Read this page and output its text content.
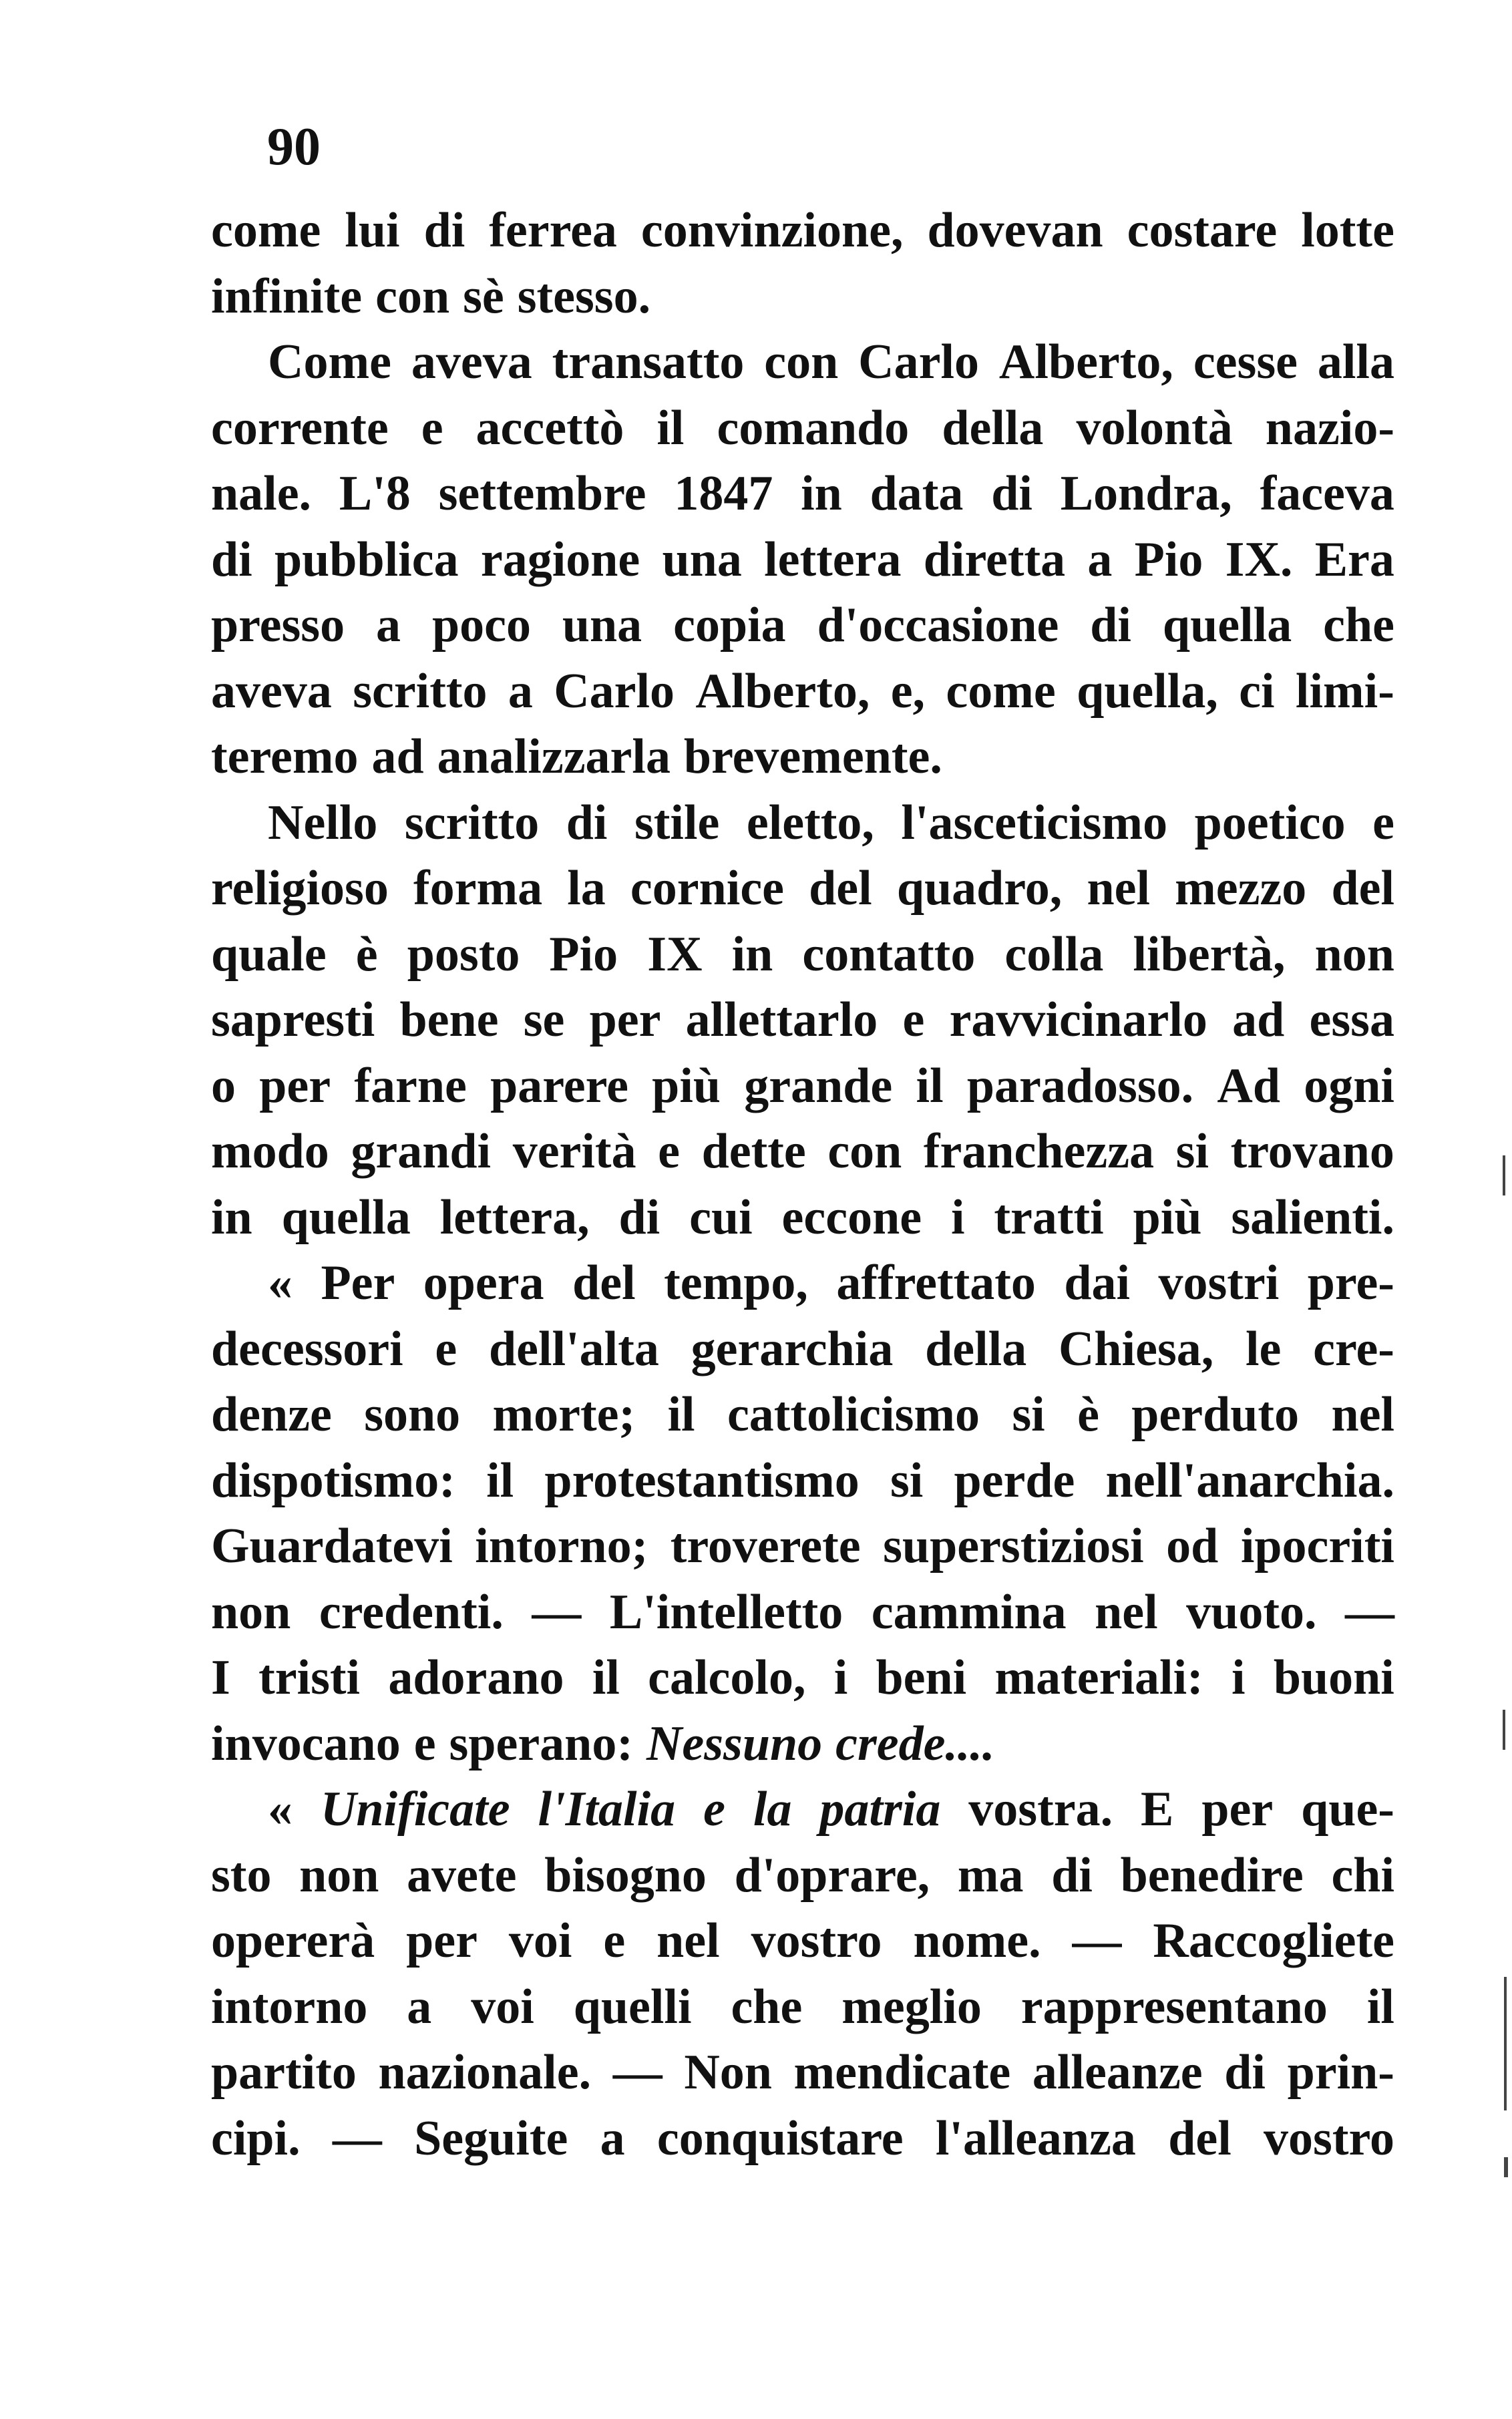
90
come lui di ferrea convinzione, dovevan costare lotte
infinite con sè stesso.
Come aveva transatto con Carlo Alberto, cesse alla
corrente e accettò il comando della volontà nazio-
nale. L'8 settembre 1847 in data di Londra, faceva
di pubblica ragione una lettera diretta a Pio IX. Era
presso a poco una copia d'occasione di quella che
aveva scritto a Carlo Alberto, e, come quella, ci limi-
teremo ad analizzarla brevemente.
Nello scritto di stile eletto, l'asceticismo poetico e
religioso forma la cornice del quadro, nel mezzo del
quale è posto Pio IX in contatto colla libertà, non
sapresti bene se per allettarlo e ravvicinarlo ad essa
o per farne parere più grande il paradosso. Ad ogni
modo grandi verità e dette con franchezza si trovano
in quella lettera, di cui eccone i tratti più salienti.
« Per opera del tempo, affrettato dai vostri pre-
decessori e dell'alta gerarchia della Chiesa, le cre-
denze sono morte; il cattolicismo si è perduto nel
dispotismo: il protestantismo si perde nell'anarchia.
Guardatevi intorno; troverete superstiziosi od ipocriti
non credenti. — L'intelletto cammina nel vuoto. —
I tristi adorano il calcolo, i beni materiali: i buoni
invocano e sperano: Nessuno crede....
« Unificate l'Italia e la patria vostra. E per que-
sto non avete bisogno d'oprare, ma di benedire chi
opererà per voi e nel vostro nome. — Raccogliete
intorno a voi quelli che meglio rappresentano il
partito nazionale. — Non mendicate alleanze di prin-
cipi. — Seguite a conquistare l'alleanza del vostro
